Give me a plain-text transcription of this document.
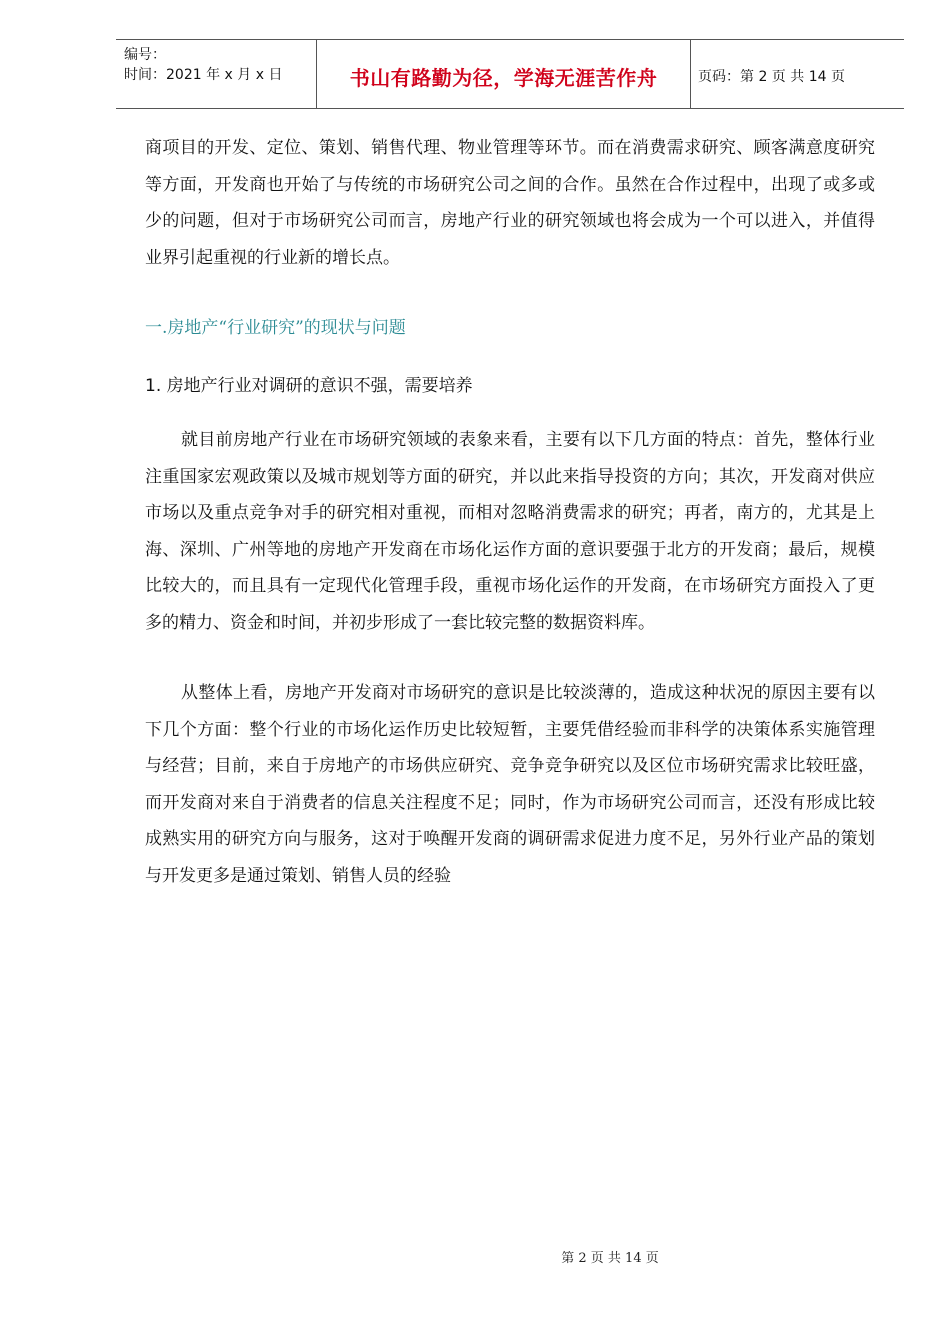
编号：
时间：2021 年 x 月 x 日	书山有路勤为径，学海无涯苦作舟	页码：第 2 页 共 14 页

商项目的开发、定位、策划、销售代理、物业管理等环节。而在消费需求研究、顾客满意度研究等方面，开发商也开始了与传统的市场研究公司之间的合作。虽然在合作过程中，出现了或多或少的问题，但对于市场研究公司而言，房地产行业的研究领域也将会成为一个可以进入，并值得业界引起重视的行业新的增长点。

一.房地产“行业研究”的现状与问题

1. 房地产行业对调研的意识不强，需要培养

就目前房地产行业在市场研究领域的表象来看，主要有以下几方面的特点：首先，整体行业注重国家宏观政策以及城市规划等方面的研究，并以此来指导投资的方向；其次，开发商对供应市场以及重点竞争对手的研究相对重视，而相对忽略消费需求的研究；再者，南方的，尤其是上海、深圳、广州等地的房地产开发商在市场化运作方面的意识要强于北方的开发商；最后，规模比较大的，而且具有一定现代化管理手段，重视市场化运作的开发商，在市场研究方面投入了更多的精力、资金和时间，并初步形成了一套比较完整的数据资料库。

从整体上看，房地产开发商对市场研究的意识是比较淡薄的，造成这种状况的原因主要有以下几个方面：整个行业的市场化运作历史比较短暂，主要凭借经验而非科学的决策体系实施管理与经营；目前，来自于房地产的市场供应研究、竞争竞争研究以及区位市场研究需求比较旺盛，而开发商对来自于消费者的信息关注程度不足；同时，作为市场研究公司而言，还没有形成比较成熟实用的研究方向与服务，这对于唤醒开发商的调研需求促进力度不足，另外行业产品的策划与开发更多是通过策划、销售人员的经验

第 2 页 共 14 页
